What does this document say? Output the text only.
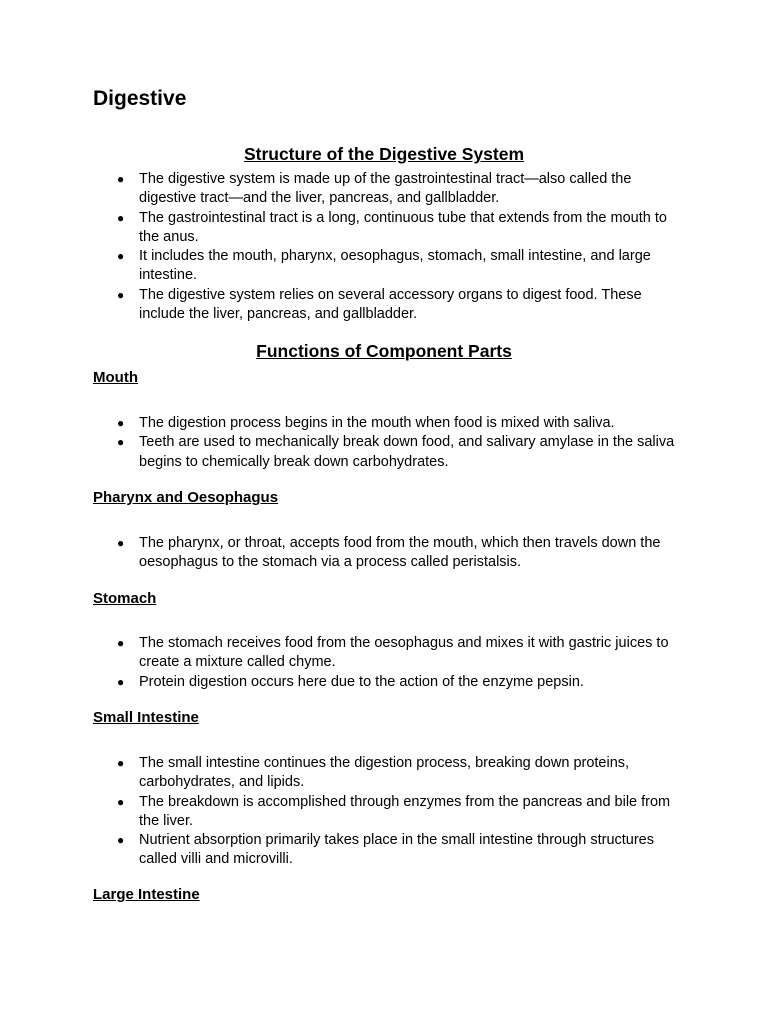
Digestive
Structure of the Digestive System
● The digestive system is made up of the gastrointestinal tract—also called the digestive tract—and the liver, pancreas, and gallbladder.
● The gastrointestinal tract is a long, continuous tube that extends from the mouth to the anus.
● It includes the mouth, pharynx, oesophagus, stomach, small intestine, and large intestine.
● The digestive system relies on several accessory organs to digest food. These include the liver, pancreas, and gallbladder.
Functions of Component Parts
Mouth
● The digestion process begins in the mouth when food is mixed with saliva.
● Teeth are used to mechanically break down food, and salivary amylase in the saliva begins to chemically break down carbohydrates.
Pharynx and Oesophagus
● The pharynx, or throat, accepts food from the mouth, which then travels down the oesophagus to the stomach via a process called peristalsis.
Stomach
● The stomach receives food from the oesophagus and mixes it with gastric juices to create a mixture called chyme.
● Protein digestion occurs here due to the action of the enzyme pepsin.
Small Intestine
● The small intestine continues the digestion process, breaking down proteins, carbohydrates, and lipids.
● The breakdown is accomplished through enzymes from the pancreas and bile from the liver.
● Nutrient absorption primarily takes place in the small intestine through structures called villi and microvilli.
Large Intestine
